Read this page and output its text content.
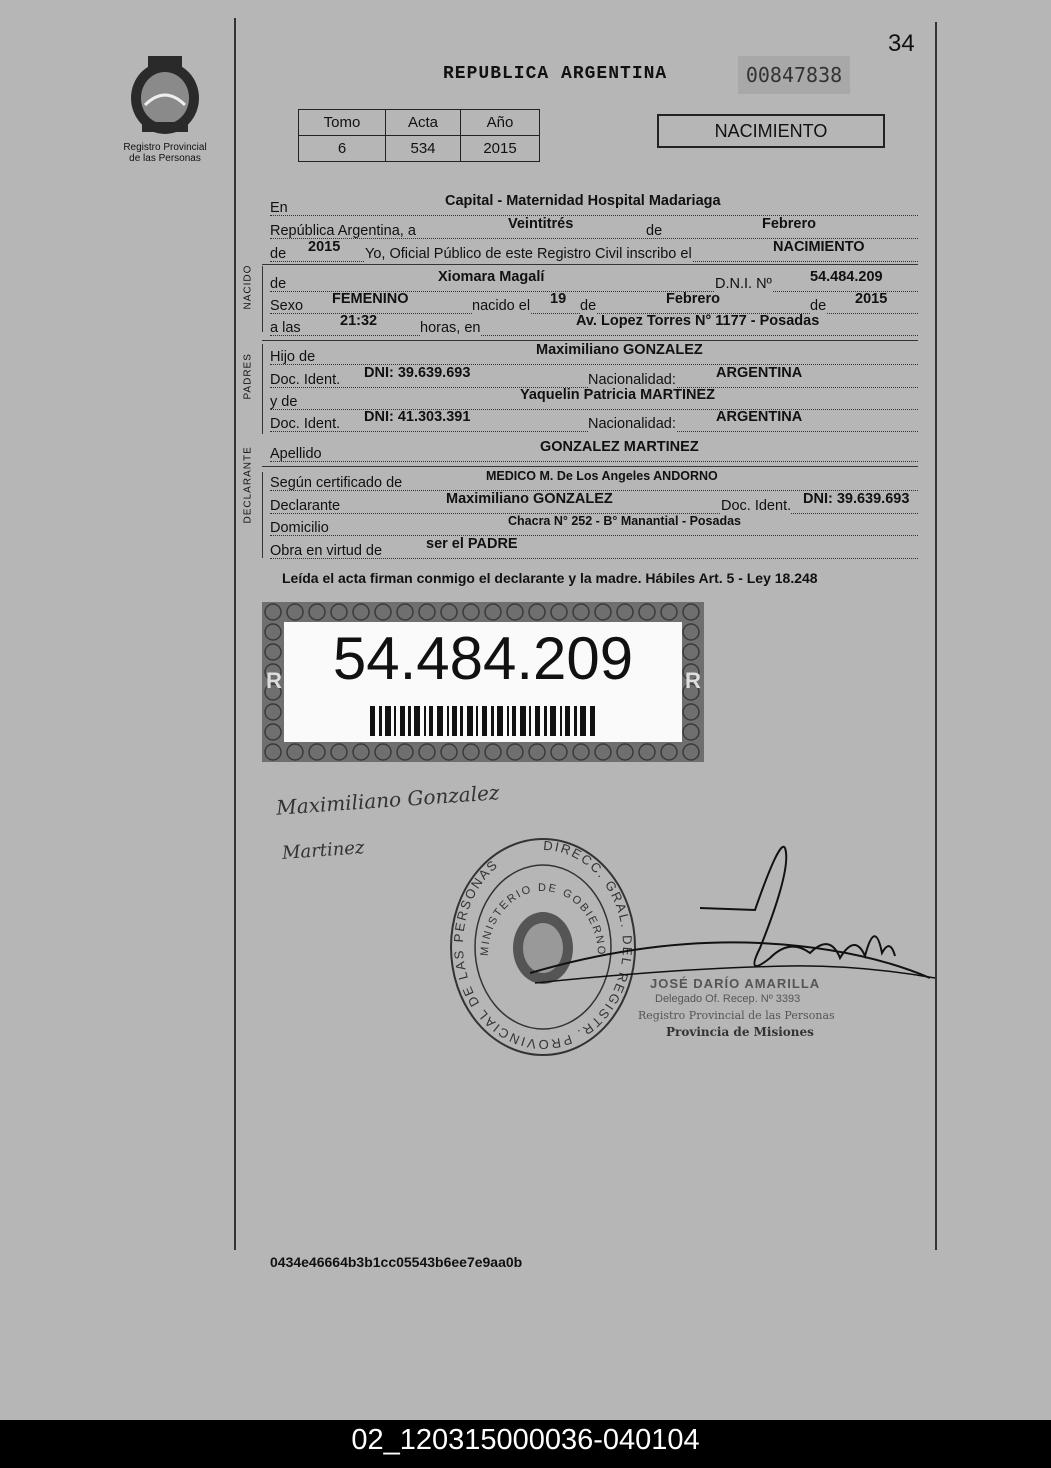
34
Registro Provincial
de las Personas
REPUBLICA ARGENTINA	00847838
Tomo	Acta	Año
6	534	2015
NACIMIENTO
En	Capital - Maternidad Hospital Madariaga
República Argentina, a	Veintitrés	de	Febrero
de 2015 Yo, Oficial Público de este Registro Civil inscribo el	NACIMIENTO
NACIDO de	Xiomara Magalí	D.N.I. Nº	54.484.209
Sexo FEMENINO	nacido el 19 de	Febrero	de 2015
a las	21:32	horas, en	Av. Lopez Torres N° 1177 - Posadas
PADRES Hijo de	Maximiliano GONZALEZ
Doc. Ident. DNI: 39.639.693	Nacionalidad:	ARGENTINA
y de	Yaquelin Patricia MARTINEZ
Doc. Ident. DNI: 41.303.391	Nacionalidad:	ARGENTINA
Apellido	GONZALEZ MARTINEZ
DECLARANTE Según certificado de	MEDICO M. De Los Angeles ANDORNO
Declarante	Maximiliano GONZALEZ	Doc. Ident. DNI: 39.639.693
Domicilio	Chacra N° 252 - B° Manantial - Posadas
Obra en virtud de	ser el PADRE
Leída el acta firman conmigo el declarante y la madre. Hábiles Art. 5 - Ley 18.248
R	R
54.484.209
Maximiliano Gonzalez
Martinez	DIRECC. GRAL. DEL REGISTR. PROVINCIAL DE LAS PERSONAS
MINISTERIO DE GOBIERNO
JOSÉ DARÍO AMARILLA
Delegado Of. Recep. Nº 3393
Registro Provincial de las Personas
Provincia de Misiones
0434e46664b3b1cc05543b6ee7e9aa0b
02_120315000036-040104
